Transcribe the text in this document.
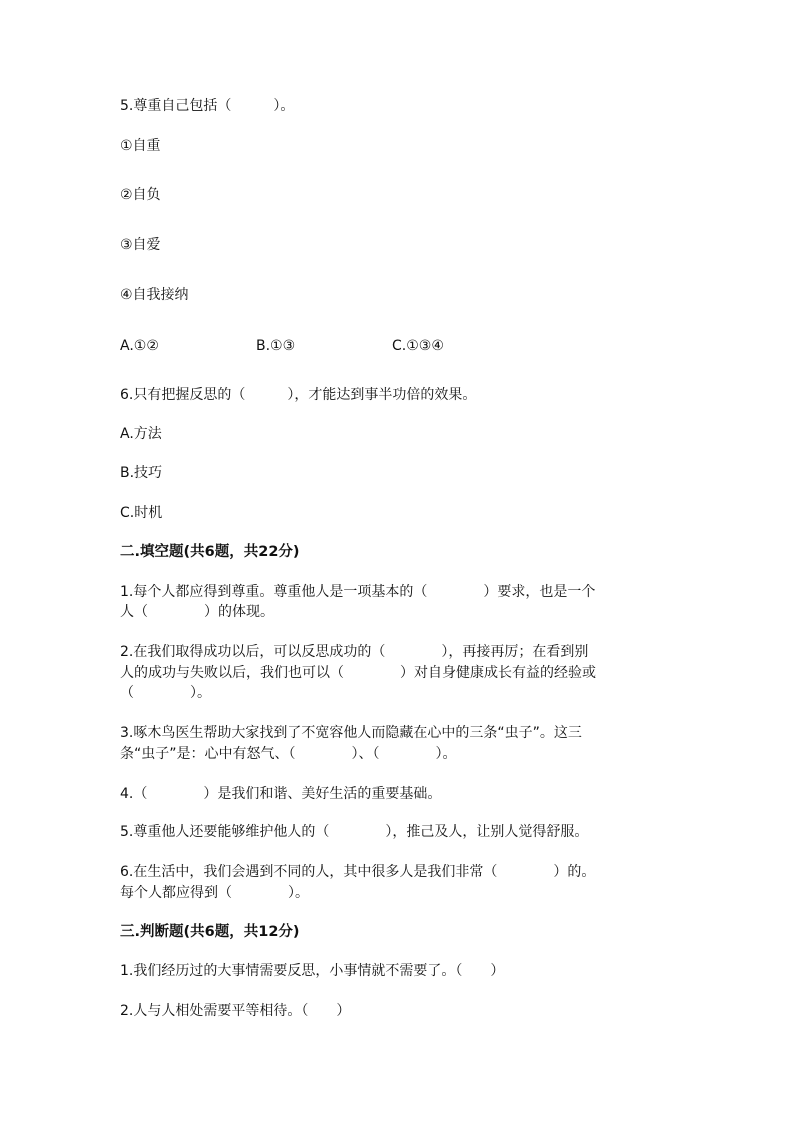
5.尊重自己包括（　　　）。
①自重
②自负
③自爱
④自我接纳
A.①②	B.①③	C.①③④
6.只有把握反思的（　　　），才能达到事半功倍的效果。
A.方法
B.技巧
C.时机
二.填空题(共6题，共22分)
1.每个人都应得到尊重。尊重他人是一项基本的（　　　　）要求，也是一个
人（　　　　）的体现。
2.在我们取得成功以后，可以反思成功的（　　　　），再接再厉；在看到别
人的成功与失败以后，我们也可以（　　　　）对自身健康成长有益的经验或
（　　　　）。
3.啄木鸟医生帮助大家找到了不宽容他人而隐藏在心中的三条“虫子”。这三
条“虫子”是：心中有怒气、（　　　　）、（　　　　）。
4.（　　　　）是我们和谐、美好生活的重要基础。
5.尊重他人还要能够维护他人的（　　　　），推己及人，让别人觉得舒服。
6.在生活中，我们会遇到不同的人，其中很多人是我们非常（　　　　）的。
每个人都应得到（　　　　）。
三.判断题(共6题，共12分)
1.我们经历过的大事情需要反思，小事情就不需要了。（　　）
2.人与人相处需要平等相待。（　　）
